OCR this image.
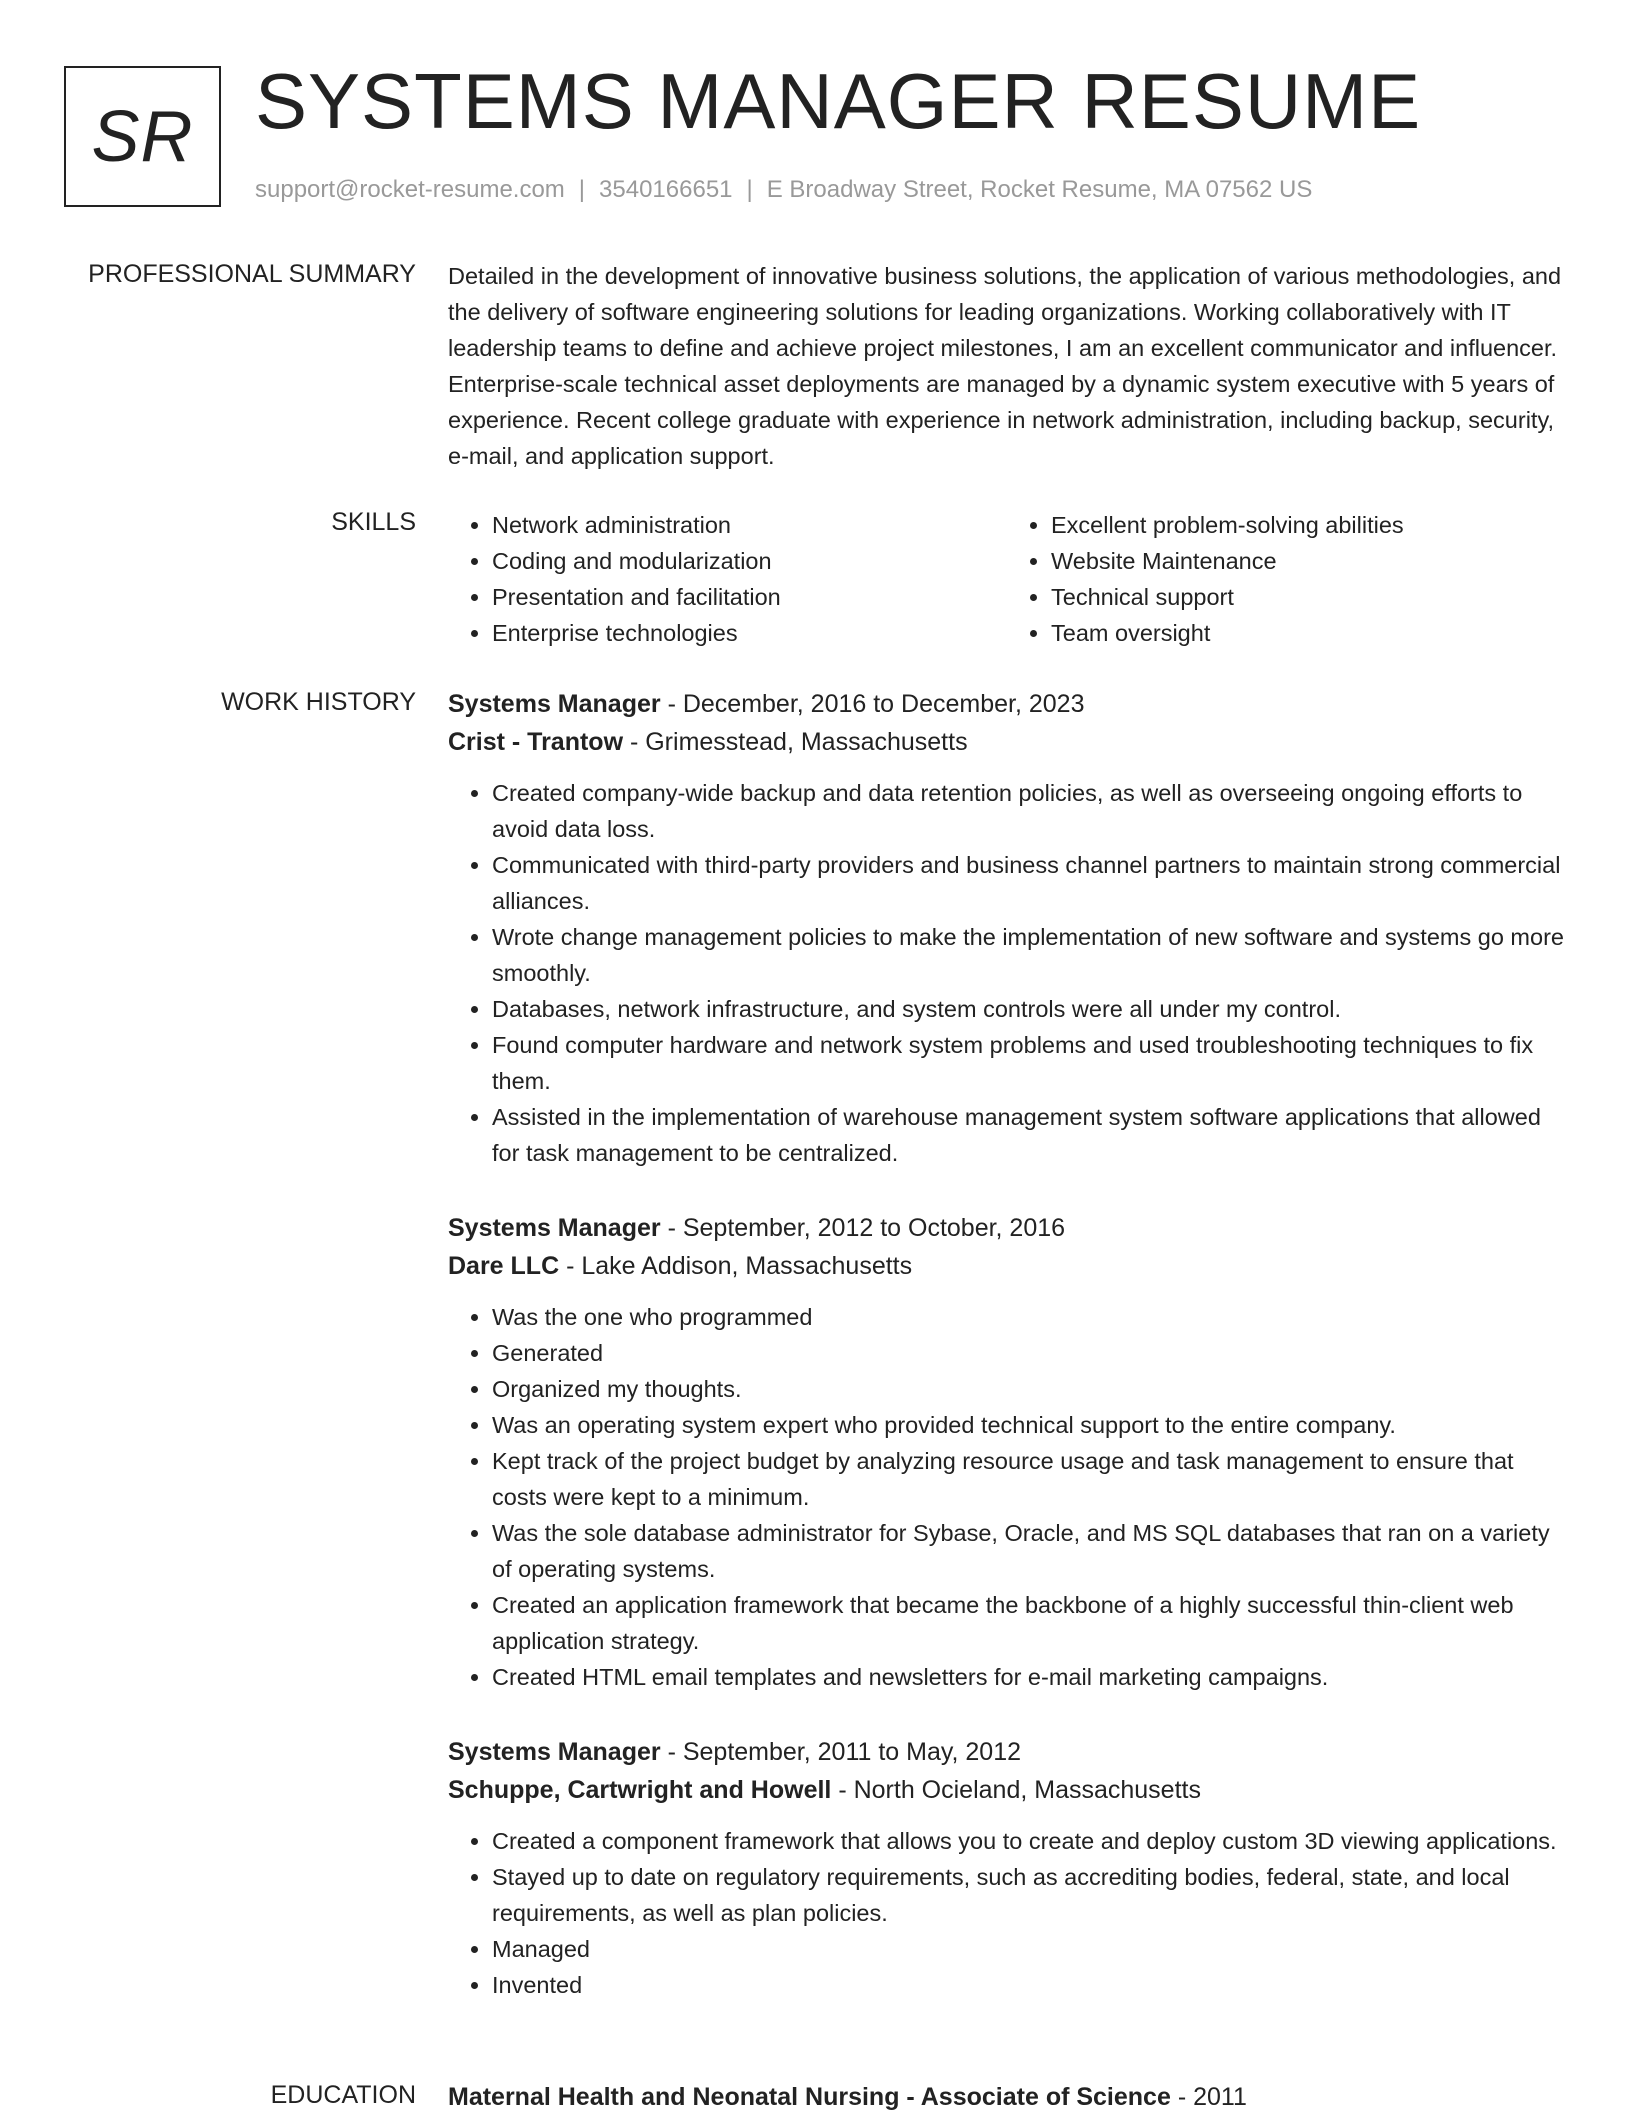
SR SYSTEMS MANAGER RESUME
support@rocket-resume.com | 3540166651 | E Broadway Street, Rocket Resume, MA 07562 US
PROFESSIONAL SUMMARY Detailed in the development of innovative business solutions, the application of various methodologies, and the delivery of software engineering solutions for leading organizations. Working collaboratively with IT leadership teams to define and achieve project milestones, I am an excellent communicator and influencer. Enterprise-scale technical asset deployments are managed by a dynamic system executive with 5 years of experience. Recent college graduate with experience in network administration, including backup, security, e-mail, and application support.

SKILLS
•	Network administration
• Coding and modularization
• Presentation and facilitation
• Enterprise technologies
• Excellent problem-solving abilities
• Website Maintenance
• Technical support
• Team oversight
WORK HISTORY Systems Manager - December, 2016 to December, 2023
Crist - Trantow - Grimesstead, Massachusetts
• Created company-wide backup and data retention policies, as well as overseeing ongoing efforts to avoid data loss.
• Communicated with third-party providers and business channel partners to maintain strong commercial alliances.
• Wrote change management policies to make the implementation of new software and systems go more smoothly.
• Databases, network infrastructure, and system controls were all under my control.
• Found computer hardware and network system problems and used troubleshooting techniques to fix them.
• Assisted in the implementation of warehouse management system software applications that allowed for task management to be centralized.
Systems Manager - September, 2012 to October, 2016
Dare LLC - Lake Addison, Massachusetts
• Was the one who programmed
• Generated
• Organized my thoughts.
• Was an operating system expert who provided technical support to the entire company.
• Kept track of the project budget by analyzing resource usage and task management to ensure that costs were kept to a minimum.
• Was the sole database administrator for Sybase, Oracle, and MS SQL databases that ran on a variety of operating systems.
• Created an application framework that became the backbone of a highly successful thin-client web application strategy.
• Created HTML email templates and newsletters for e-mail marketing campaigns.
Systems Manager - September, 2011 to May, 2012
Schuppe, Cartwright and Howell - North Ocieland, Massachusetts
• Created a component framework that allows you to create and deploy custom 3D viewing applications.
• Stayed up to date on regulatory requirements, such as accrediting bodies, federal, state, and local requirements, as well as plan policies.
• Managed
• Invented
EDUCATION Maternal Health and Neonatal Nursing - Associate of Science - 2011
